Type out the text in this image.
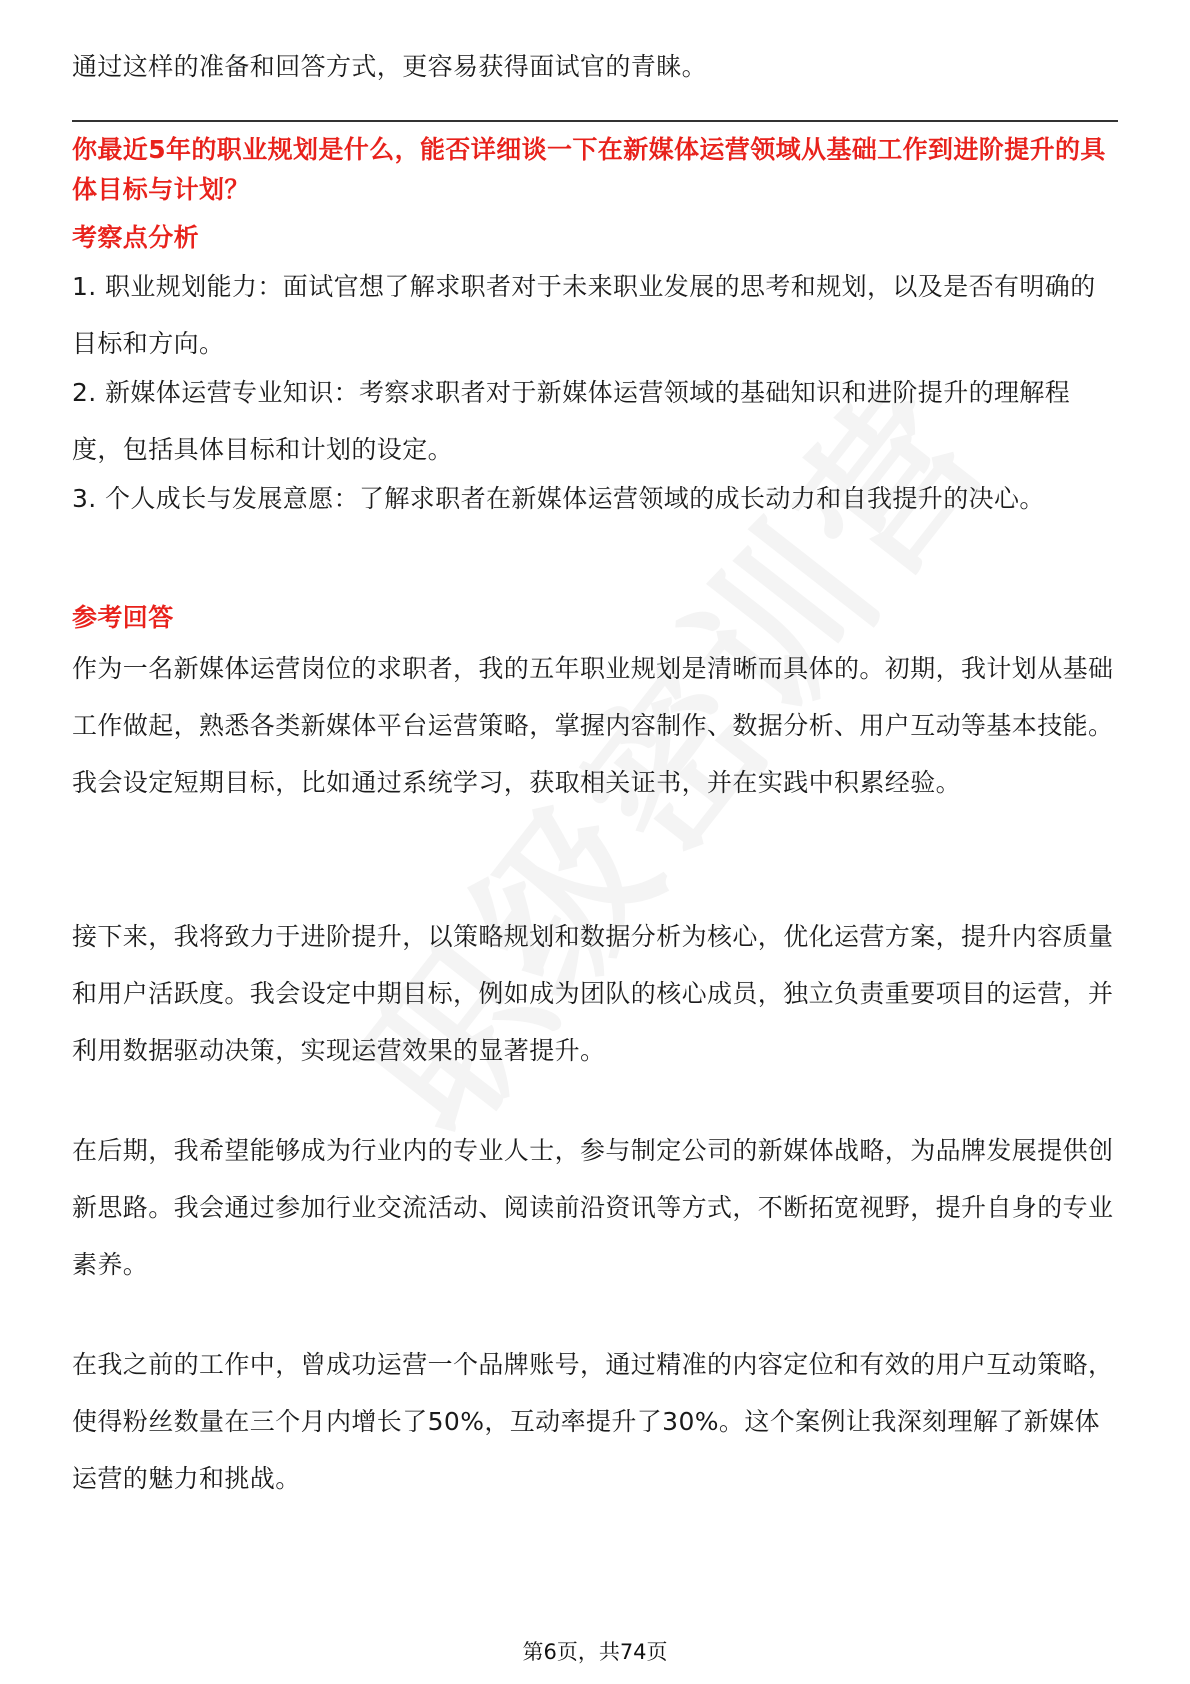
通过这样的准备和回答方式，更容易获得面试官的青睐。

你最近5年的职业规划是什么，能否详细谈一下在新媒体运营领域从基础工作到进阶提升的具体目标与计划？

考察点分析

1. 职业规划能力：面试官想了解求职者对于未来职业发展的思考和规划，以及是否有明确的目标和方向。

2. 新媒体运营专业知识：考察求职者对于新媒体运营领域的基础知识和进阶提升的理解程度，包括具体目标和计划的设定。

3. 个人成长与发展意愿：了解求职者在新媒体运营领域的成长动力和自我提升的决心。

参考回答

作为一名新媒体运营岗位的求职者，我的五年职业规划是清晰而具体的。初期，我计划从基础工作做起，熟悉各类新媒体平台运营策略，掌握内容制作、数据分析、用户互动等基本技能。我会设定短期目标，比如通过系统学习，获取相关证书，并在实践中积累经验。

接下来，我将致力于进阶提升，以策略规划和数据分析为核心，优化运营方案，提升内容质量和用户活跃度。我会设定中期目标，例如成为团队的核心成员，独立负责重要项目的运营，并利用数据驱动决策，实现运营效果的显著提升。

在后期，我希望能够成为行业内的专业人士，参与制定公司的新媒体战略，为品牌发展提供创新思路。我会通过参加行业交流活动、阅读前沿资讯等方式，不断拓宽视野，提升自身的专业素养。

在我之前的工作中，曾成功运营一个品牌账号，通过精准的内容定位和有效的用户互动策略，使得粉丝数量在三个月内增长了50%，互动率提升了30%。这个案例让我深刻理解了新媒体运营的魅力和挑战。

第6页，共74页
